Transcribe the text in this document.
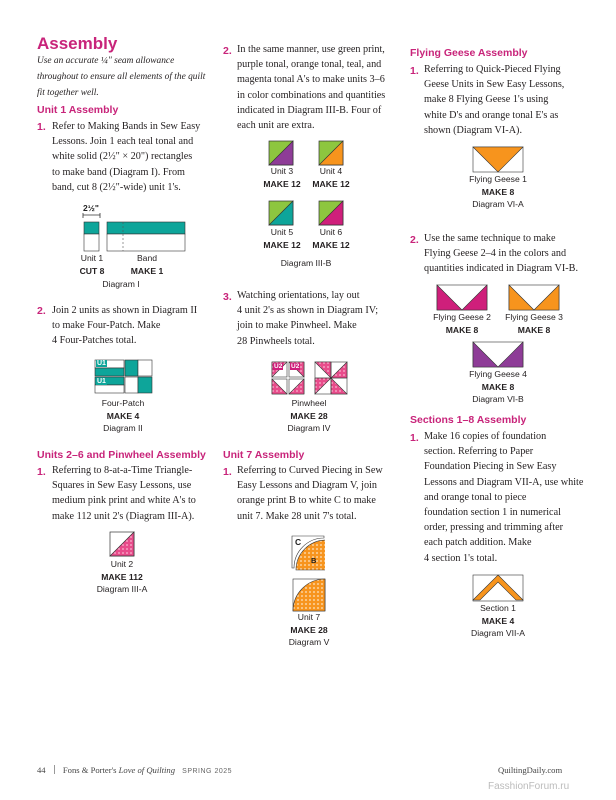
Assembly
Use an accurate ¼" seam allowance
throughout to ensure all elements of the quilt
fit together well.
Unit 1 Assembly
1. Refer to Making Bands in Sew Easy
Lessons. Join 1 each teal tonal and
white solid (2½" × 20") rectangles
to make band (Diagram I). From
band, cut 8 (2½"-wide) unit 1's.
2½"
Unit 1
CUT 8
Band
MAKE 1
Diagram I
2. Join 2 units as shown in Diagram II
to make Four-Patch. Make
4 Four-Patches total.
U1
U1
Four-Patch
MAKE 4
Diagram II
Units 2–6 and Pinwheel Assembly
1. Referring to 8-at-a-Time Triangle-
Squares in Sew Easy Lessons, use
medium pink print and white A's to
make 112 unit 2's (Diagram III-A).
Unit 2
MAKE 112
Diagram III-A
2. In the same manner, use green print,
purple tonal, orange tonal, teal, and
magenta tonal A's to make units 3–6
in color combinations and quantities
indicated in Diagram III-B. Four of
each unit are extra.
Unit 3
MAKE 12
Unit 4
MAKE 12
Unit 5
MAKE 12
Unit 6
MAKE 12
Diagram III-B
3. Watching orientations, lay out
4 unit 2's as shown in Diagram IV;
join to make Pinwheel. Make
28 Pinwheels total.
U2 U2
Pinwheel
MAKE 28
Diagram IV
Unit 7 Assembly
1. Referring to Curved Piecing in Sew
Easy Lessons and Diagram V, join
orange print B to white C to make
unit 7. Make 28 unit 7's total.
C
B
Unit 7
MAKE 28
Diagram V
Flying Geese Assembly
1. Referring to Quick-Pieced Flying
Geese Units in Sew Easy Lessons,
make 8 Flying Geese 1's using
white D's and orange tonal E's as
shown (Diagram VI-A).
Flying Geese 1
MAKE 8
Diagram VI-A
2. Use the same technique to make
Flying Geese 2–4 in the colors and
quantities indicated in Diagram VI-B.
Flying Geese 2
MAKE 8
Flying Geese 3
MAKE 8
Flying Geese 4
MAKE 8
Diagram VI-B
Sections 1–8 Assembly
1. Make 16 copies of foundation
section. Referring to Paper
Foundation Piecing in Sew Easy
Lessons and Diagram VII-A, use white
and orange tonal to piece
foundation section 1 in numerical
order, pressing and trimming after
each patch addition. Make
4 section 1's total.
Section 1
MAKE 4
Diagram VII-A
44 Fons & Porter's Love of Quilting SPRING 2025	QuiltingDaily.com
FasshionForum.ru
